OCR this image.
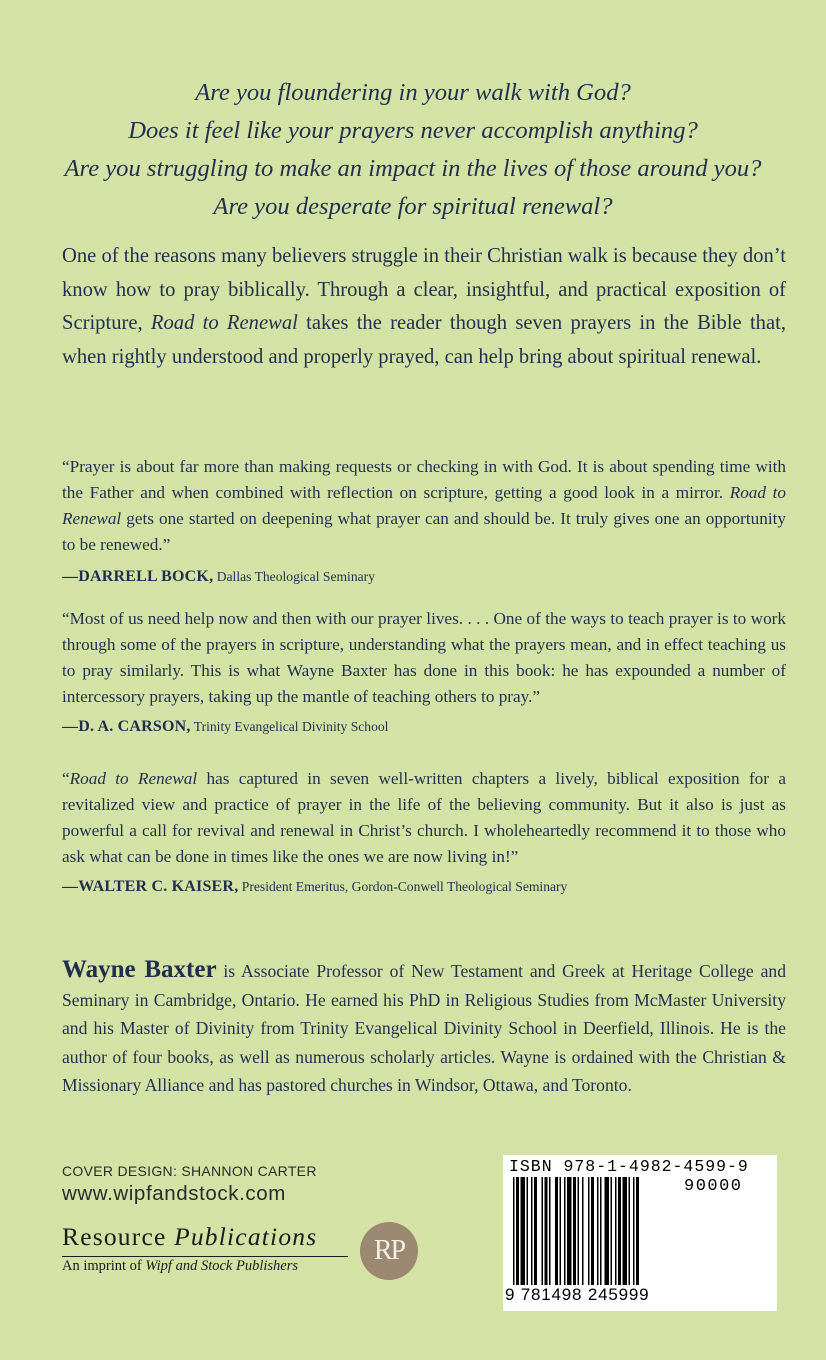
Are you floundering in your walk with God?
Does it feel like your prayers never accomplish anything?
Are you struggling to make an impact in the lives of those around you?
Are you desperate for spiritual renewal?
One of the reasons many believers struggle in their Christian walk is because they don’t know how to pray biblically. Through a clear, insightful, and practical exposition of Scripture, Road to Renewal takes the reader though seven prayers in the Bible that, when rightly understood and properly prayed, can help bring about spiritual renewal.
“Prayer is about far more than making requests or checking in with God. It is about spending time with the Father and when combined with reflection on scripture, getting a good look in a mirror. Road to Renewal gets one started on deepening what prayer can and should be. It truly gives one an opportunity to be renewed.”
—DARRELL BOCK, Dallas Theological Seminary
“Most of us need help now and then with our prayer lives. . . . One of the ways to teach prayer is to work through some of the prayers in scripture, understanding what the prayers mean, and in effect teaching us to pray similarly. This is what Wayne Baxter has done in this book: he has expounded a number of intercessory prayers, taking up the mantle of teaching others to pray.”
—D. A. CARSON, Trinity Evangelical Divinity School
“Road to Renewal has captured in seven well-written chapters a lively, biblical exposition for a revitalized view and practice of prayer in the life of the believing community. But it also is just as powerful a call for revival and renewal in Christ’s church. I wholeheartedly recommend it to those who ask what can be done in times like the ones we are now living in!”
—WALTER C. KAISER, President Emeritus, Gordon-Conwell Theological Seminary
Wayne Baxter is Associate Professor of New Testament and Greek at Heritage College and Seminary in Cambridge, Ontario. He earned his PhD in Religious Studies from McMaster University and his Master of Divinity from Trinity Evangelical Divinity School in Deerfield, Illinois. He is the author of four books, as well as numerous scholarly articles. Wayne is ordained with the Christian & Missionary Alliance and has pastored churches in Windsor, Ottawa, and Toronto.
COVER DESIGN: SHANNON CARTER
www.wipfandstock.com
Resource Publications
An imprint of Wipf and Stock Publishers	RP
ISBN 978-1-4982-4599-9
90000
9 781498 245999
